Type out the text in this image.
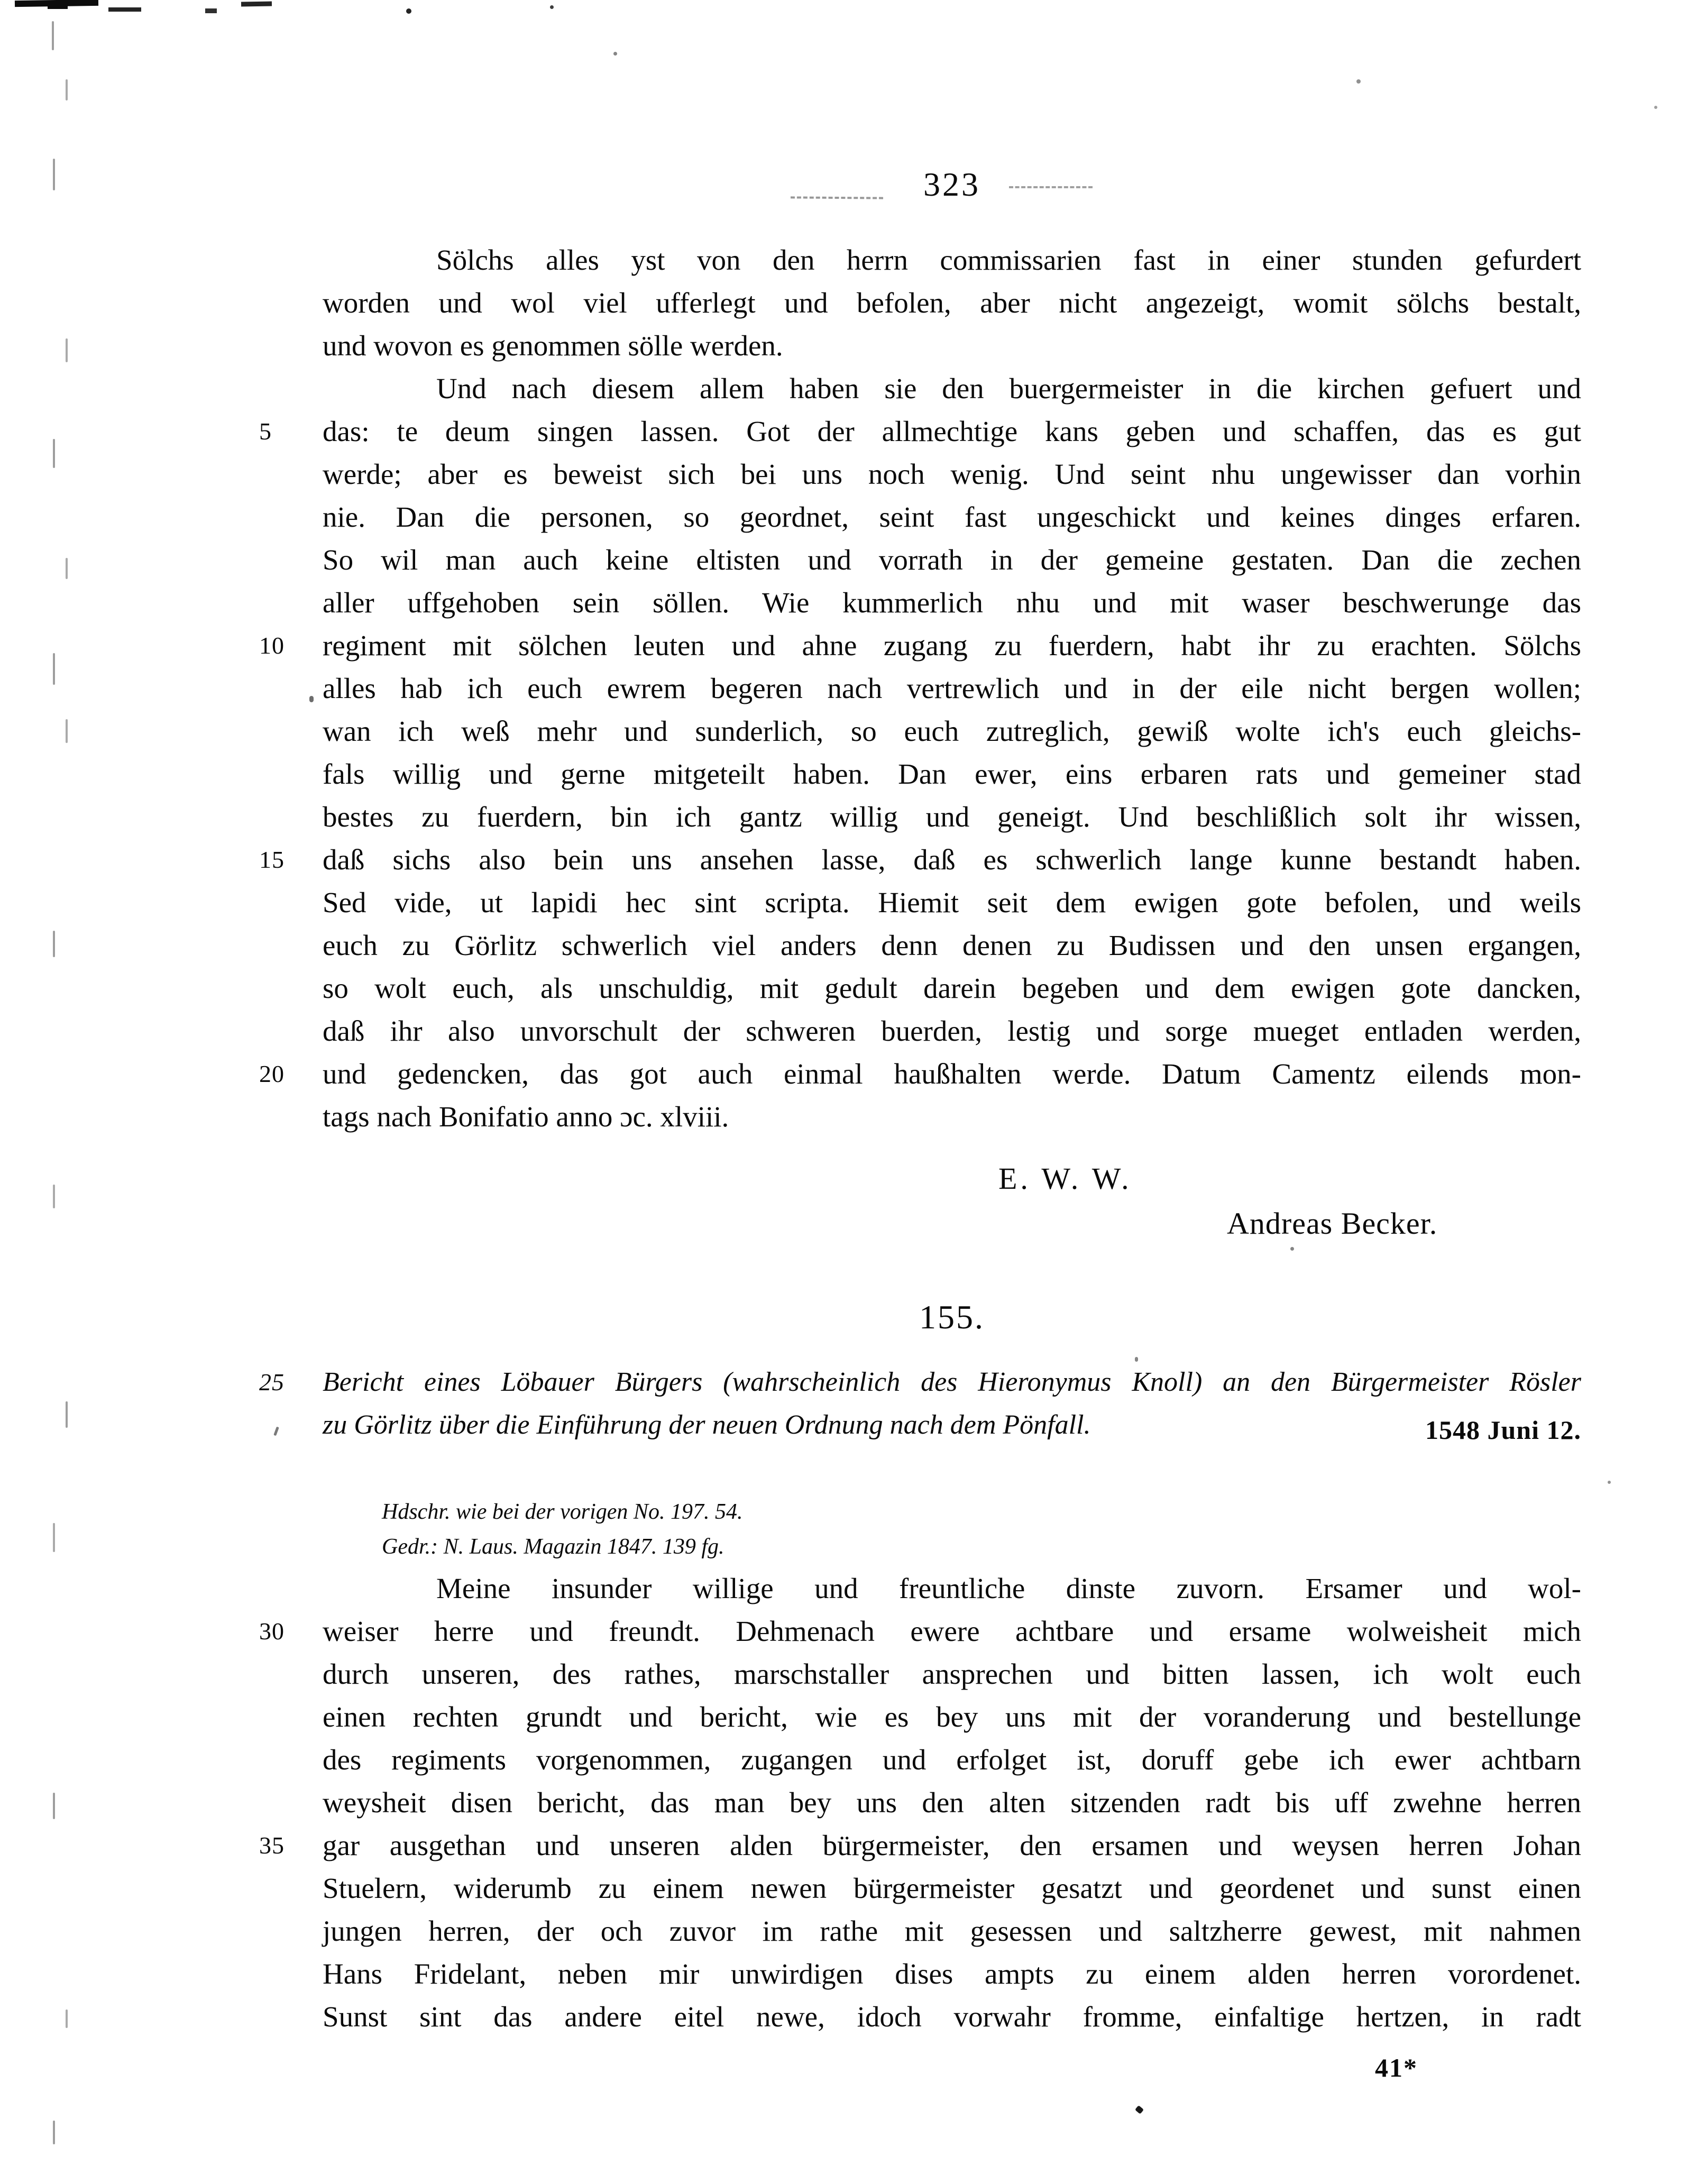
323
Sölchs alles yst von den herrn commissarien fast in einer stunden gefurdert
worden und wol viel ufferlegt und befolen, aber nicht angezeigt, womit sölchs bestalt,
und wovon es genommen sölle werden.
Und nach diesem allem haben sie den buergermeister in die kirchen gefuert und
5	das: te deum singen lassen. Got der allmechtige kans geben und schaffen, das es gut
werde; aber es beweist sich bei uns noch wenig. Und seint nhu ungewisser dan vorhin
nie. Dan die personen, so geordnet, seint fast ungeschickt und keines dinges erfaren.
So wil man auch keine eltisten und vorrath in der gemeine gestaten. Dan die zechen
aller uffgehoben sein söllen. Wie kummerlich nhu und mit waser beschwerunge das
10	regiment mit sölchen leuten und ahne zugang zu fuerdern, habt ihr zu erachten. Sölchs
alles hab ich euch ewrem begeren nach vertrewlich und in der eile nicht bergen wollen;
wan ich weß mehr und sunderlich, so euch zutreglich, gewiß wolte ich's euch gleichs-
fals willig und gerne mitgeteilt haben. Dan ewer, eins erbaren rats und gemeiner stad
bestes zu fuerdern, bin ich gantz willig und geneigt. Und beschlißlich solt ihr wissen,
15	daß sichs also bein uns ansehen lasse, daß es schwerlich lange kunne bestandt haben.
Sed vide, ut lapidi hec sint scripta. Hiemit seit dem ewigen gote befolen, und weils
euch zu Görlitz schwerlich viel anders denn denen zu Budissen und den unsen ergangen,
so wolt euch, als unschuldig, mit gedult darein begeben und dem ewigen gote dancken,
daß ihr also unvorschult der schweren buerden, lestig und sorge mueget entladen werden,
20	und gedencken, das got auch einmal haußhalten werde. Datum Camentz eilends mon-
tags nach Bonifatio anno ɔc. xlviii.
E. W. W.
Andreas Becker.
155.
25	Bericht eines Löbauer Bürgers (wahrscheinlich des Hieronymus Knoll) an den Bürgermeister Rösler
zu Görlitz über die Einführung der neuen Ordnung nach dem Pönfall.	1548 Juni 12.
Hdschr. wie bei der vorigen No. 197. 54.
Gedr.: N. Laus. Magazin 1847. 139 fg.
Meine insunder willige und freuntliche dinste zuvorn. Ersamer und wol-
30	weiser herre und freundt. Dehmenach ewere achtbare und ersame wolweisheit mich
durch unseren, des rathes, marschstaller ansprechen und bitten lassen, ich wolt euch
einen rechten grundt und bericht, wie es bey uns mit der voranderung und bestellunge
des regiments vorgenommen, zugangen und erfolget ist, doruff gebe ich ewer achtbarn
weysheit disen bericht, das man bey uns den alten sitzenden radt bis uff zwehne herren
35	gar ausgethan und unseren alden bürgermeister, den ersamen und weysen herren Johan
Stuelern, widerumb zu einem newen bürgermeister gesatzt und geordenet und sunst einen
jungen herren, der och zuvor im rathe mit gesessen und saltzherre gewest, mit nahmen
Hans Fridelant, neben mir unwirdigen dises ampts zu einem alden herren vorordenet.
Sunst sint das andere eitel newe, idoch vorwahr fromme, einfaltige hertzen, in radt
41*
